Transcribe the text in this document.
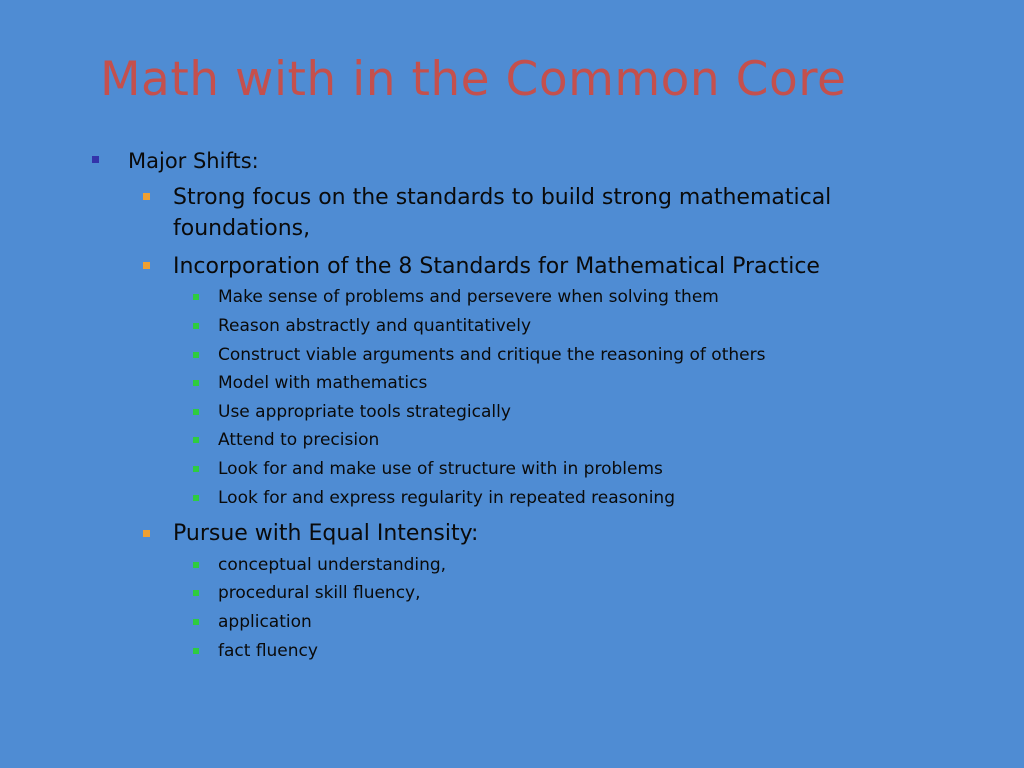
Math with in the Common Core
Major Shifts:
Strong focus on the standards to build strong mathematical
foundations,
Incorporation of the 8 Standards for Mathematical Practice
Make sense of problems and persevere when solving them
Reason abstractly and quantitatively
Construct viable arguments and critique the reasoning of others
Model with mathematics
Use appropriate tools strategically
Attend to precision
Look for and make use of structure with in problems
Look for and express regularity in repeated reasoning
Pursue with Equal Intensity:
conceptual understanding,
procedural skill fluency,
application
fact fluency
